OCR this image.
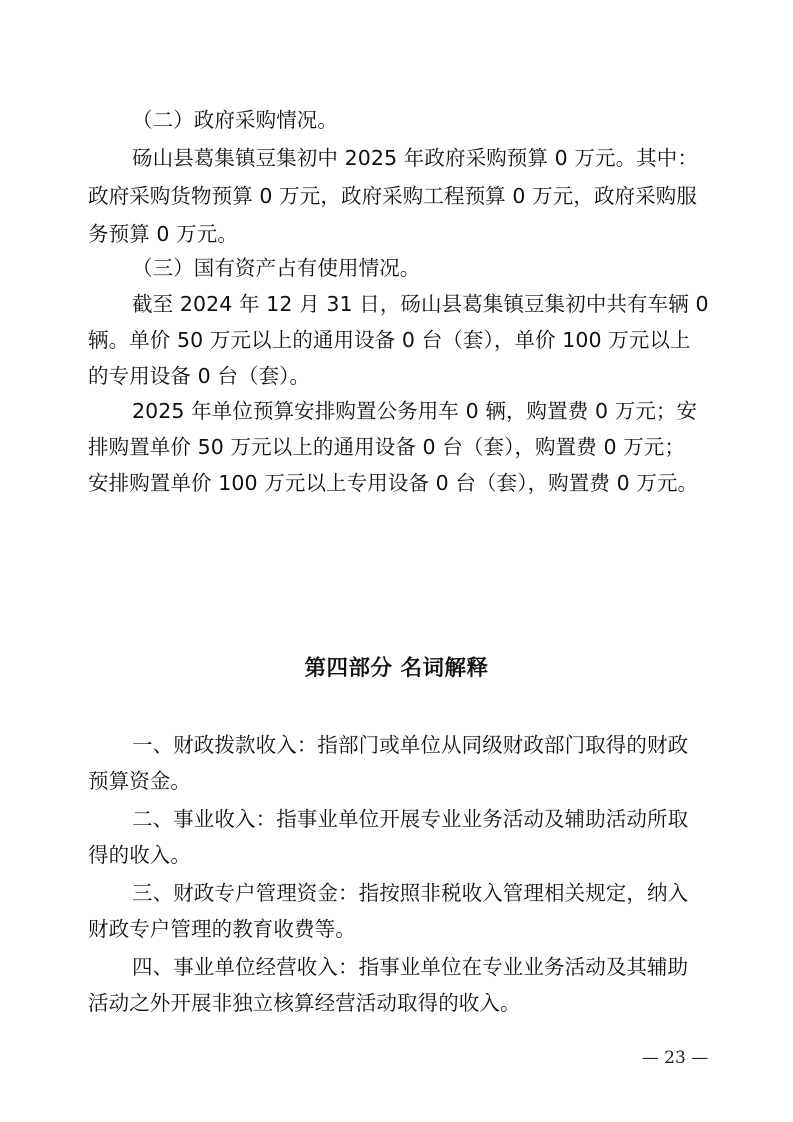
（二）政府采购情况。
砀山县葛集镇豆集初中 2025 年政府采购预算 0 万元。其中：
政府采购货物预算 0 万元，政府采购工程预算 0 万元，政府采购服
务预算 0 万元。
（三）国有资产占有使用情况。
截至 2024 年 12 月 31 日，砀山县葛集镇豆集初中共有车辆 0
辆。单价 50 万元以上的通用设备 0 台（套），单价 100 万元以上
的专用设备 0 台（套）。
2025 年单位预算安排购置公务用车 0 辆，购置费 0 万元；安
排购置单价 50 万元以上的通用设备 0 台（套），购置费 0 万元；
安排购置单价 100 万元以上专用设备 0 台（套），购置费 0 万元。
第四部分 名词解释
一、财政拨款收入：指部门或单位从同级财政部门取得的财政
预算资金。
二、事业收入：指事业单位开展专业业务活动及辅助活动所取
得的收入。
三、财政专户管理资金：指按照非税收入管理相关规定，纳入
财政专户管理的教育收费等。
四、事业单位经营收入：指事业单位在专业业务活动及其辅助
活动之外开展非独立核算经营活动取得的收入。
— 23 —
